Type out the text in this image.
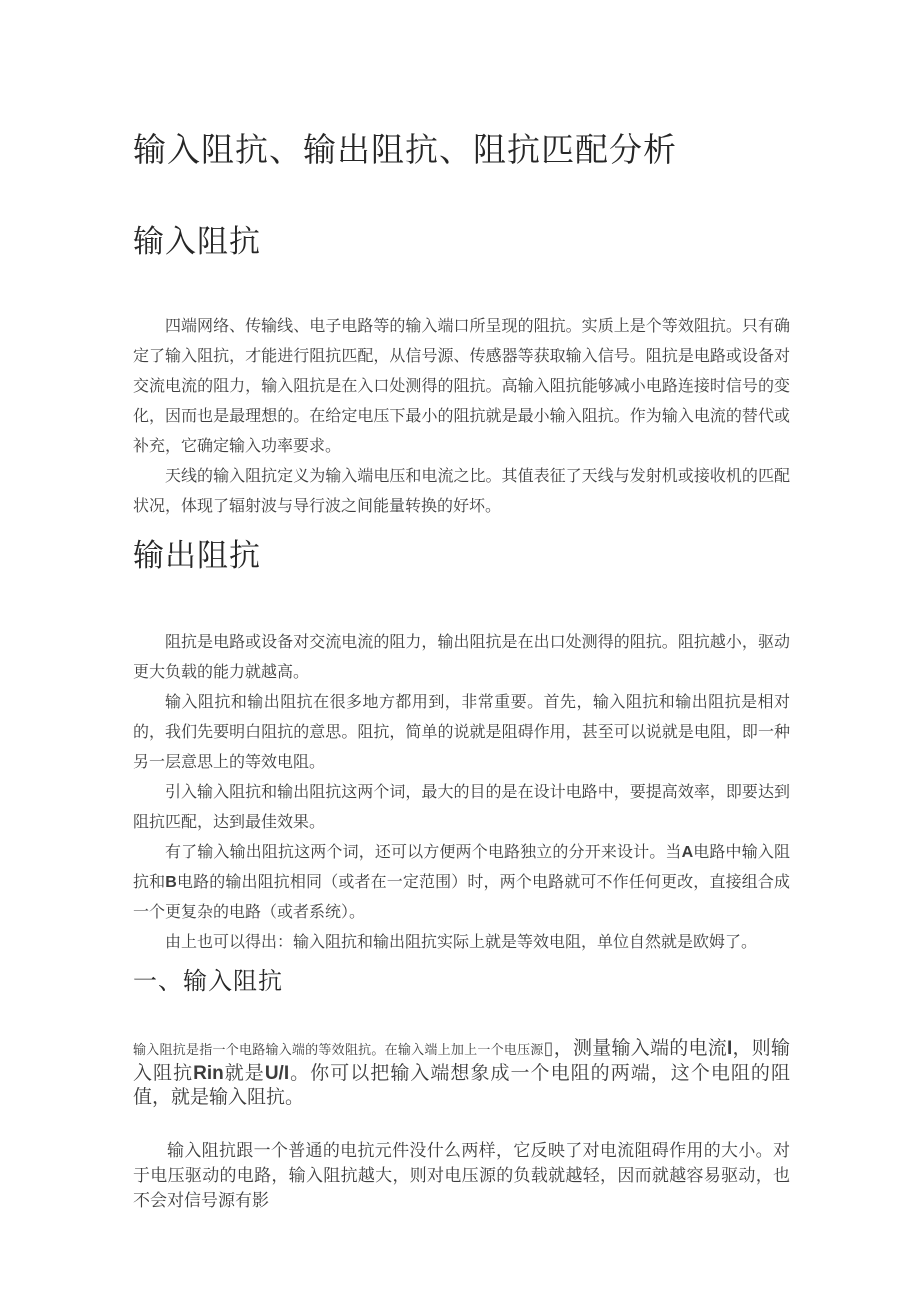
输入阻抗、输出阻抗、阻抗匹配分析
输入阻抗

四端网络、传输线、电子电路等的输入端口所呈现的阻抗。实质上是个等效阻抗。只有确定了输入阻抗，才能进行阻抗匹配，从信号源、传感器等获取输入信号。阻抗是电路或设备对交流电流的阻力，输入阻抗是在入口处测得的阻抗。高输入阻抗能够减小电路连接时信号的变化，因而也是最理想的。在给定电压下最小的阻抗就是最小输入阻抗。作为输入电流的替代或补充，它确定输入功率要求。

天线的输入阻抗定义为输入端电压和电流之比。其值表征了天线与发射机或接收机的匹配状况，体现了辐射波与导行波之间能量转换的好坏。

输出阻抗

阻抗是电路或设备对交流电流的阻力，输出阻抗是在出口处测得的阻抗。阻抗越小，驱动更大负载的能力就越高。

输入阻抗和输出阻抗在很多地方都用到，非常重要。首先，输入阻抗和输出阻抗是相对的，我们先要明白阻抗的意思。阻抗，简单的说就是阻碍作用，甚至可以说就是电阻，即一种另一层意思上的等效电阻。

引入输入阻抗和输出阻抗这两个词，最大的目的是在设计电路中，要提高效率，即要达到阻抗匹配，达到最佳效果。

有了输入输出阻抗这两个词，还可以方便两个电路独立的分开来设计。当A电路中输入阻抗和B电路的输出阻抗相同（或者在一定范围）时，两个电路就可不作任何更改，直接组合成一个更复杂的电路（或者系统）。

由上也可以得出：输入阻抗和输出阻抗实际上就是等效电阻，单位自然就是欧姆了。

一、输入阻抗

输入阻抗是指一个电路输入端的等效阻抗。在输入端上加上一个电压源▯，测量输入端的电流I，则输入阻抗Rin就是U/I。你可以把输入端想象成一个电阻的两端，这个电阻的阻值，就是输入阻抗。

输入阻抗跟一个普通的电抗元件没什么两样，它反映了对电流阻碍作用的大小。对于电压驱动的电路，输入阻抗越大，则对电压源的负载就越轻，因而就越容易驱动，也不会对信号源有影
